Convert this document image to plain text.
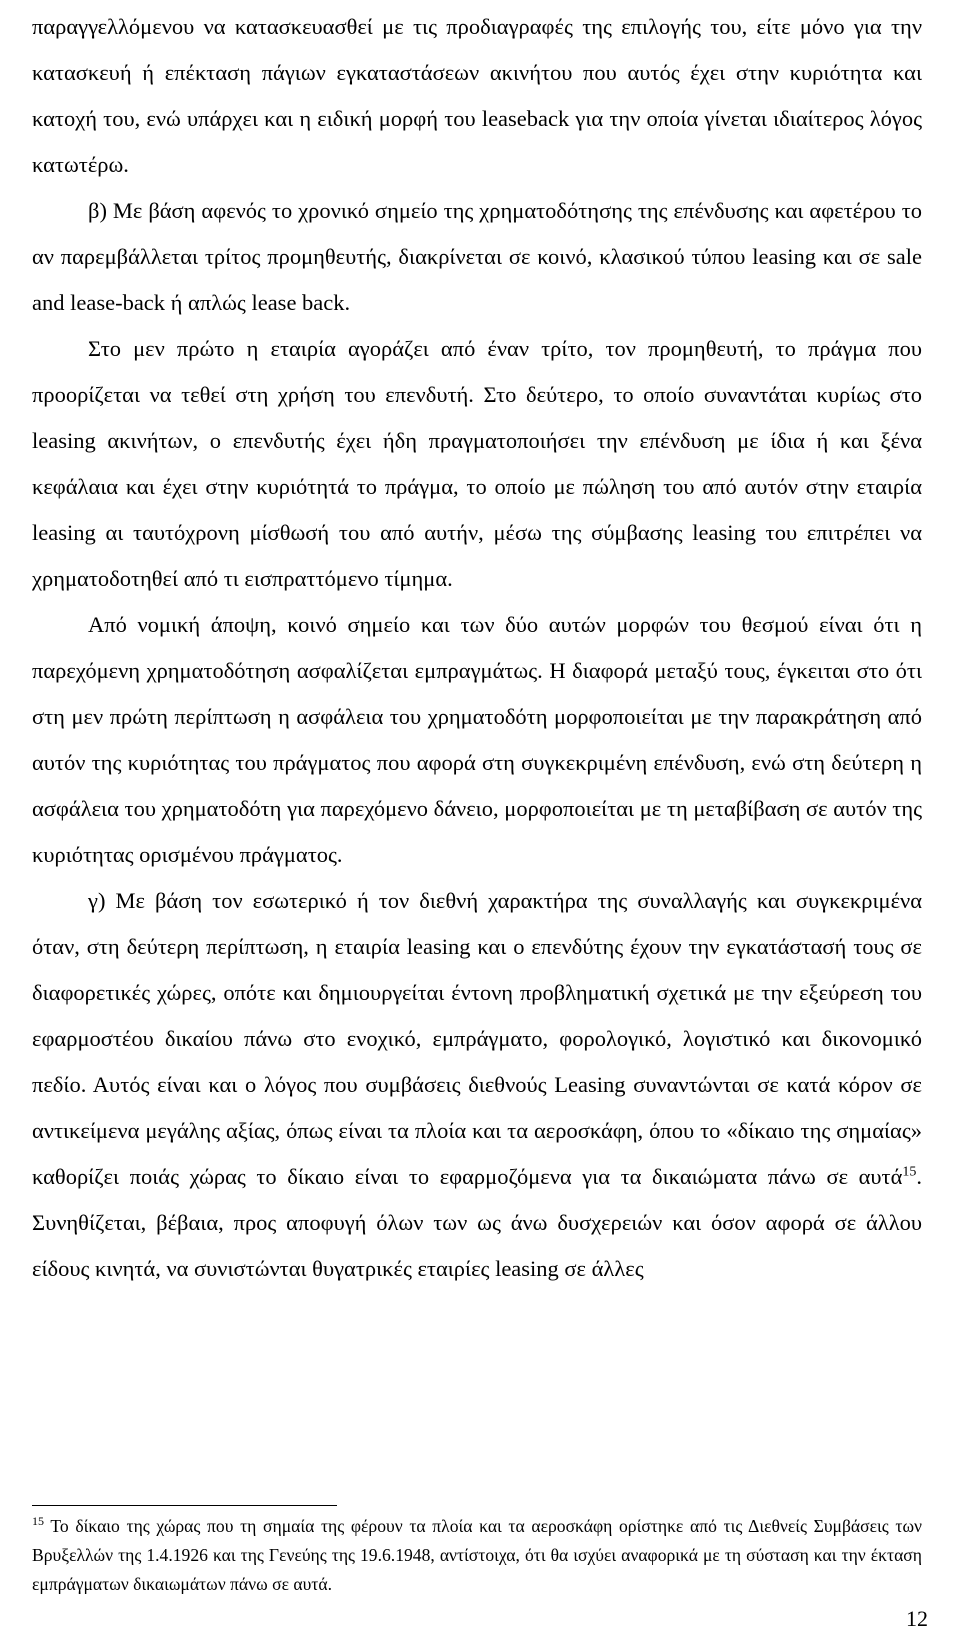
παραγγελλόμενου να κατασκευασθεί με τις προδιαγραφές της επιλογής του, είτε μόνο για την κατασκευή ή επέκταση πάγιων εγκαταστάσεων ακινήτου που αυτός έχει στην κυριότητα και κατοχή του, ενώ υπάρχει και η ειδική μορφή του leaseback για την οποία γίνεται ιδιαίτερος λόγος κατωτέρω.

β) Με βάση αφενός το χρονικό σημείο της χρηματοδότησης της επένδυσης και αφετέρου το αν παρεμβάλλεται τρίτος προμηθευτής, διακρίνεται σε κοινό, κλασικού τύπου leasing και σε sale and lease-back ή απλώς lease back.

Στο μεν πρώτο η εταιρία αγοράζει από έναν τρίτο, τον προμηθευτή, το πράγμα που προορίζεται να τεθεί στη χρήση του επενδυτή. Στο δεύτερο, το οποίο συναντάται κυρίως στο leasing ακινήτων, ο επενδυτής έχει ήδη πραγματοποιήσει την επένδυση με ίδια ή και ξένα κεφάλαια και έχει στην κυριότητά το πράγμα, το οποίο με πώληση του από αυτόν στην εταιρία leasing αι ταυτόχρονη μίσθωσή του από αυτήν, μέσω της σύμβασης leasing του επιτρέπει να χρηματοδοτηθεί από τι εισπραττόμενο τίμημα.

Από νομική άποψη, κοινό σημείο και των δύο αυτών μορφών του θεσμού είναι ότι η παρεχόμενη χρηματοδότηση ασφαλίζεται εμπραγμάτως. Η διαφορά μεταξύ τους, έγκειται στο ότι στη μεν πρώτη περίπτωση η ασφάλεια του χρηματοδότη μορφοποιείται με την παρακράτηση από αυτόν της κυριότητας του πράγματος που αφορά στη συγκεκριμένη επένδυση, ενώ στη δεύτερη η ασφάλεια του χρηματοδότη για παρεχόμενο δάνειο, μορφοποιείται με τη μεταβίβαση σε αυτόν της κυριότητας ορισμένου πράγματος.

γ) Με βάση τον εσωτερικό ή τον διεθνή χαρακτήρα της συναλλαγής και συγκεκριμένα όταν, στη δεύτερη περίπτωση, η εταιρία leasing και ο επενδύτης έχουν την εγκατάστασή τους σε διαφορετικές χώρες, οπότε και δημιουργείται έντονη προβληματική σχετικά με την εξεύρεση του εφαρμοστέου δικαίου πάνω στο ενοχικό, εμπράγματο, φορολογικό, λογιστικό και δικονομικό πεδίο. Αυτός είναι και ο λόγος που συμβάσεις διεθνούς Leasing συναντώνται σε κατά κόρον σε αντικείμενα μεγάλης αξίας, όπως είναι τα πλοία και τα αεροσκάφη, όπου το «δίκαιο της σημαίας» καθορίζει ποιάς χώρας το δίκαιο είναι το εφαρμοζόμενα για τα δικαιώματα πάνω σε αυτά$^{15}$. Συνηθίζεται, βέβαια, προς αποφυγή όλων των ως άνω δυσχερειών και όσον αφορά σε άλλου είδους κινητά, να συνιστώνται θυγατρικές εταιρίες leasing σε άλλες

$^{15}$ Το δίκαιο της χώρας που τη σημαία της φέρουν τα πλοία και τα αεροσκάφη ορίστηκε από τις Διεθνείς Συμβάσεις των Βρυξελλών της 1.4.1926 και της Γενεύης της 19.6.1948, αντίστοιχα, ότι θα ισχύει αναφορικά με τη σύσταση και την έκταση εμπράγματων δικαιωμάτων πάνω σε αυτά.

12
